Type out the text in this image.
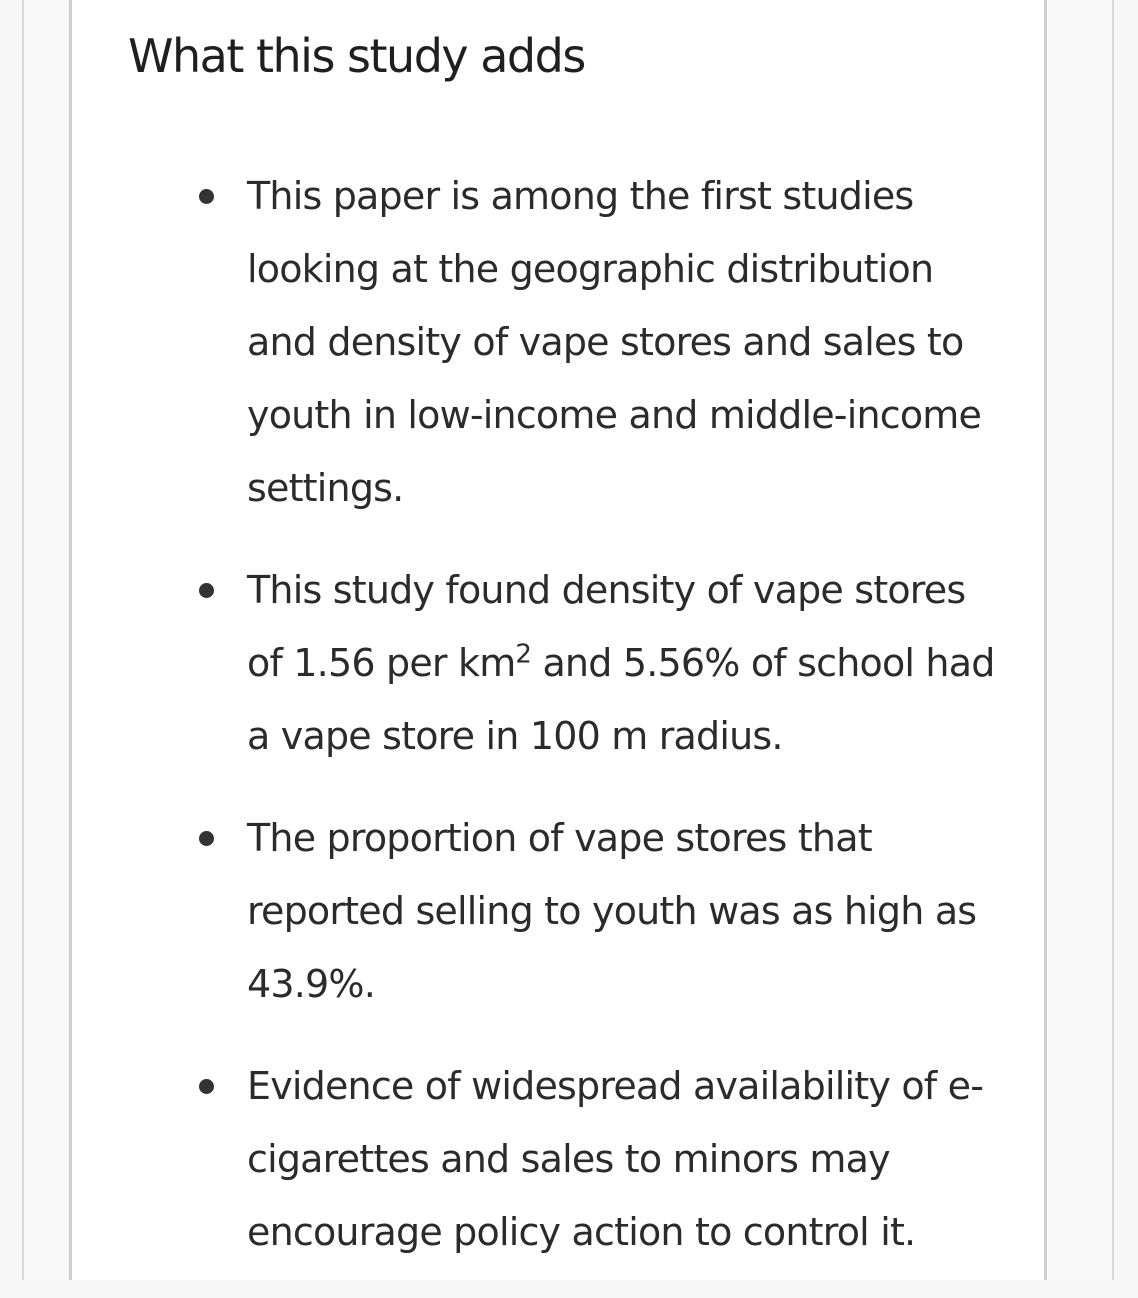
What this study adds
This paper is among the first studies looking at the geographic distribution and density of vape stores and sales to youth in low-income and middle-income settings.
This study found density of vape stores of 1.56 per $km^2$ and 5.56% of school had a vape store in 100 m radius.
The proportion of vape stores that reported selling to youth was as high as 43.9%.
Evidence of widespread availability of e-cigarettes and sales to minors may encourage policy action to control it.
